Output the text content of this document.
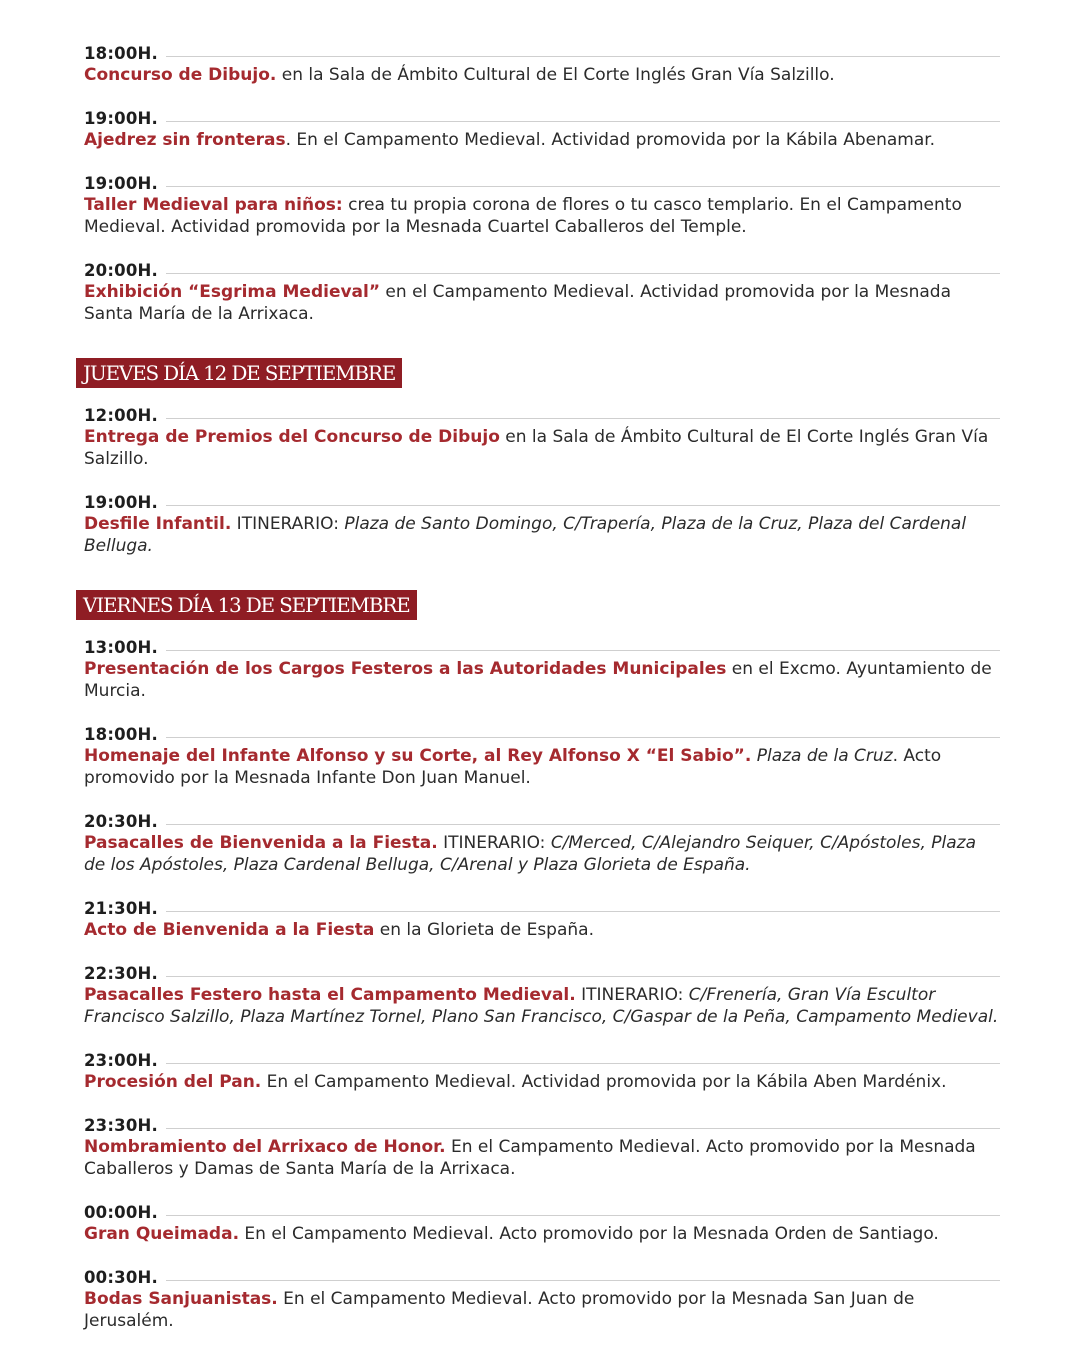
18:00H.

Concurso de Dibujo. en la Sala de Ámbito Cultural de El Corte Inglés Gran Vía Salzillo.

19:00H.

Ajedrez sin fronteras. En el Campamento Medieval. Actividad promovida por la Kábila Abenamar.

19:00H.

Taller Medieval para niños: crea tu propia corona de flores o tu casco templario. En el Campamento Medieval. Actividad promovida por la Mesnada Cuartel Caballeros del Temple.

20:00H.

Exhibición “Esgrima Medieval” en el Campamento Medieval. Actividad promovida por la Mesnada Santa María de la Arrixaca.

JUEVES DÍA 12 DE SEPTIEMBRE
12:00H.

Entrega de Premios del Concurso de Dibujo en la Sala de Ámbito Cultural de El Corte Inglés Gran Vía Salzillo.

19:00H.

Desfile Infantil. ITINERARIO: Plaza de Santo Domingo, C/Trapería, Plaza de la Cruz, Plaza del Cardenal Belluga.

VIERNES DÍA 13 DE SEPTIEMBRE
13:00H.

Presentación de los Cargos Festeros a las Autoridades Municipales en el Excmo. Ayuntamiento de Murcia.

18:00H.

Homenaje del Infante Alfonso y su Corte, al Rey Alfonso X “El Sabio”. Plaza de la Cruz. Acto promovido por la Mesnada Infante Don Juan Manuel.

20:30H.

Pasacalles de Bienvenida a la Fiesta. ITINERARIO: C/Merced, C/Alejandro Seiquer, C/Apóstoles, Plaza de los Apóstoles, Plaza Cardenal Belluga, C/Arenal y Plaza Glorieta de España.

21:30H.

Acto de Bienvenida a la Fiesta en la Glorieta de España.

22:30H.

Pasacalles Festero hasta el Campamento Medieval. ITINERARIO: C/Frenería, Gran Vía Escultor Francisco Salzillo, Plaza Martínez Tornel, Plano San Francisco, C/Gaspar de la Peña, Campamento Medieval.

23:00H.

Procesión del Pan. En el Campamento Medieval. Actividad promovida por la Kábila Aben Mardénix.

23:30H.

Nombramiento del Arrixaco de Honor. En el Campamento Medieval. Acto promovido por la Mesnada Caballeros y Damas de Santa María de la Arrixaca.

00:00H.

Gran Queimada. En el Campamento Medieval. Acto promovido por la Mesnada Orden de Santiago.

00:30H.

Bodas Sanjuanistas. En el Campamento Medieval. Acto promovido por la Mesnada San Juan de Jerusalém.
